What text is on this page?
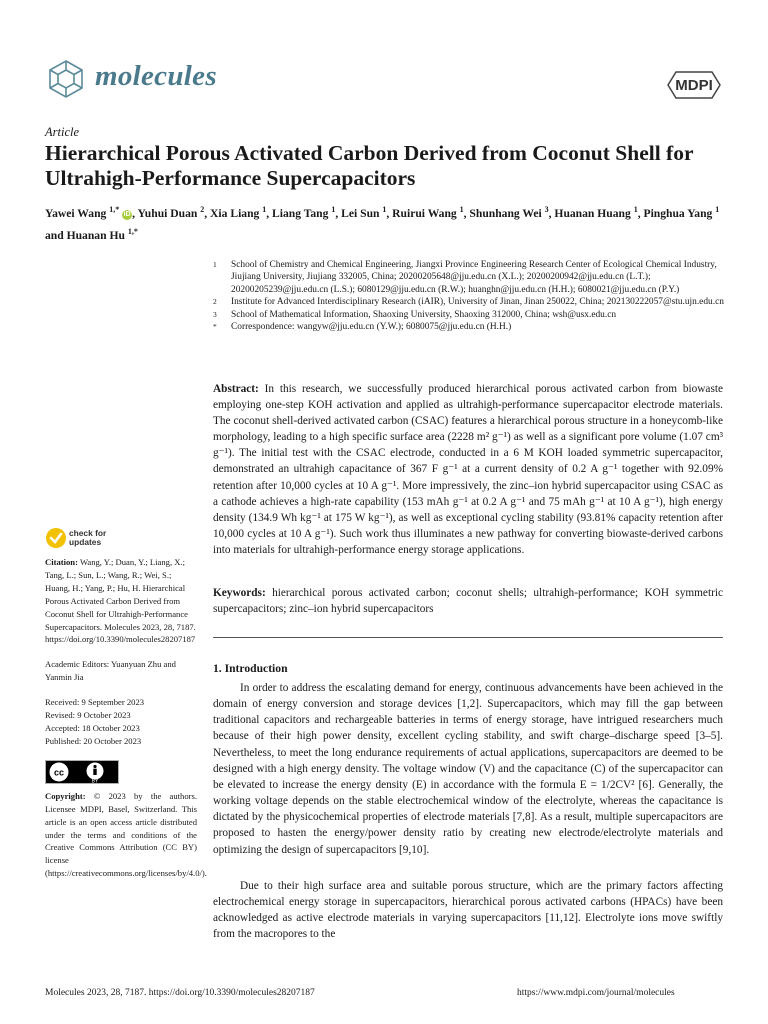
molecules	MDPI
Article
Hierarchical Porous Activated Carbon Derived from Coconut Shell for Ultrahigh-Performance Supercapacitors
Yawei Wang $^{1,*}$ iD , Yuhui Duan $^2$, Xia Liang $^1$, Liang Tang $^1$, Lei Sun $^1$, Ruirui Wang $^1$, Shunhang Wei $^3$, Huanan Huang $^1$, Pinghua Yang $^1$ and Huanan Hu $^{1,*}$
1	School of Chemistry and Chemical Engineering, Jiangxi Province Engineering Research Center of Ecological Chemical Industry, Jiujiang University, Jiujiang 332005, China; 20200205648@jju.edu.cn (X.L.); 20200200942@jju.edu.cn (L.T.); 20200205239@jju.edu.cn (L.S.); 6080129@jju.edu.cn (R.W.); huanghn@jju.edu.cn (H.H.); 6080021@jju.edu.cn (P.Y.)
2	Institute for Advanced Interdisciplinary Research (iAIR), University of Jinan, Jinan 250022, China; 202130222057@stu.ujn.edu.cn
3	School of Mathematical Information, Shaoxing University, Shaoxing 312000, China; wsh@usx.edu.cn
*	Correspondence: wangyw@jju.edu.cn (Y.W.); 6080075@jju.edu.cn (H.H.)
Abstract: In this research, we successfully produced hierarchical porous activated carbon from biowaste employing one-step KOH activation and applied as ultrahigh-performance supercapacitor electrode materials. The coconut shell-derived activated carbon (CSAC) features a hierarchical porous structure in a honeycomb-like morphology, leading to a high specific surface area (2228 m² g⁻¹) as well as a significant pore volume (1.07 cm³ g⁻¹). The initial test with the CSAC electrode, conducted in a 6 M KOH loaded symmetric supercapacitor, demonstrated an ultrahigh capacitance of 367 F g⁻¹ at a current density of 0.2 A g⁻¹ together with 92.09% retention after 10,000 cycles at 10 A g⁻¹. More impressively, the zinc–ion hybrid supercapacitor using CSAC as a cathode achieves a high-rate capability (153 mAh g⁻¹ at 0.2 A g⁻¹ and 75 mAh g⁻¹ at 10 A g⁻¹), high energy density (134.9 Wh kg⁻¹ at 175 W kg⁻¹), as well as exceptional cycling stability (93.81% capacity retention after 10,000 cycles at 10 A g⁻¹). Such work thus illuminates a new pathway for converting biowaste-derived carbons into materials for ultrahigh-performance energy storage applications.
Keywords: hierarchical porous activated carbon; coconut shells; ultrahigh-performance; KOH symmetric supercapacitors; zinc–ion hybrid supercapacitors
1. Introduction
In order to address the escalating demand for energy, continuous advancements have been achieved in the domain of energy conversion and storage devices [1,2]. Supercapacitors, which may fill the gap between traditional capacitors and rechargeable batteries in terms of energy storage, have intrigued researchers much because of their high power density, excellent cycling stability, and swift charge–discharge speed [3–5]. Nevertheless, to meet the long endurance requirements of actual applications, supercapacitors are deemed to be designed with a high energy density. The voltage window (V) and the capacitance (C) of the supercapacitor can be elevated to increase the energy density (E) in accordance with the formula E = 1/2CV² [6]. Generally, the working voltage depends on the stable electrochemical window of the electrolyte, whereas the capacitance is dictated by the physicochemical properties of electrode materials [7,8]. As a result, multiple supercapacitors are proposed to hasten the energy/power density ratio by creating new electrode/electrolyte materials and optimizing the design of supercapacitors [9,10].
Due to their high surface area and suitable porous structure, which are the primary factors affecting electrochemical energy storage in supercapacitors, hierarchical porous activated carbons (HPACs) have been acknowledged as active electrode materials in varying supercapacitors [11,12]. Electrolyte ions move swiftly from the macropores to the
check for updates

Citation: Wang, Y.; Duan, Y.; Liang, X.; Tang, L.; Sun, L.; Wang, R.; Wei, S.; Huang, H.; Yang, P.; Hu, H. Hierarchical Porous Activated Carbon Derived from Coconut Shell for Ultrahigh-Performance Supercapacitors. Molecules 2023, 28, 7187. https://doi.org/10.3390/molecules28207187

Academic Editors: Yuanyuan Zhu and Yanmin Jia

Received: 9 September 2023

Revised: 9 October 2023

Accepted: 18 October 2023

Published: 20 October 2023

cc
BY

Copyright: © 2023 by the authors. Licensee MDPI, Basel, Switzerland. This article is an open access article distributed under the terms and conditions of the Creative Commons Attribution (CC BY) license (https://creativecommons.org/licenses/by/4.0/).

Molecules 2023, 28, 7187. https://doi.org/10.3390/molecules28207187	https://www.mdpi.com/journal/molecules
